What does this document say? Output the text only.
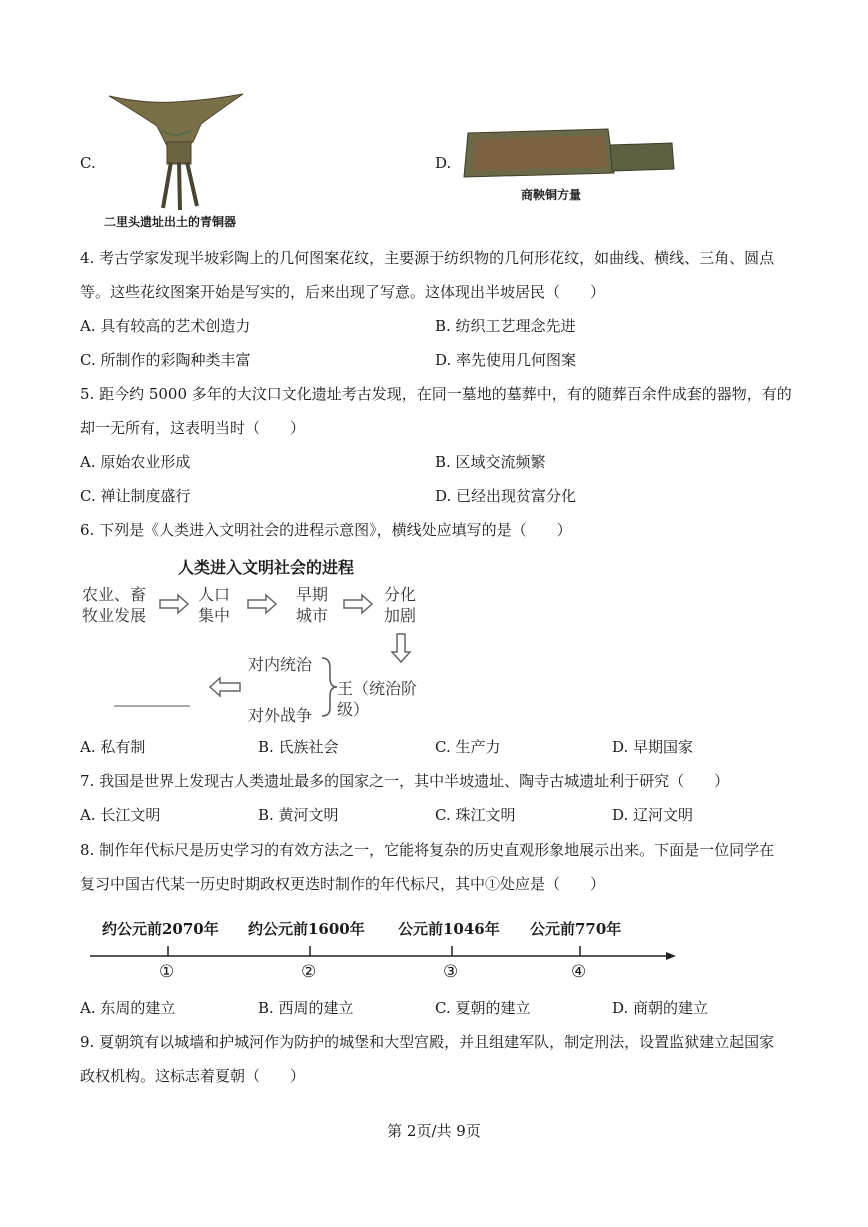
C.
二里头遗址出土的青铜器
D.
商鞅铜方量
4. 考古学家发现半坡彩陶上的几何图案花纹，主要源于纺织物的几何形花纹，如曲线、横线、三角、圆点
等。这些花纹图案开始是写实的，后来出现了写意。这体现出半坡居民（　　）
A. 具有较高的艺术创造力	B. 纺织工艺理念先进
C. 所制作的彩陶种类丰富	D. 率先使用几何图案
5. 距今约 5000 多年的大汶口文化遗址考古发现，在同一墓地的墓葬中，有的随葬百余件成套的器物，有的
却一无所有，这表明当时（　　）
A. 原始农业形成	B. 区域交流频繁
C. 禅让制度盛行	D. 已经出现贫富分化
6. 下列是《人类进入文明社会的进程示意图》，横线处应填写的是（　　）
人类进入文明社会的进程
农业、畜
牧业发展
人口
集中
早期
城市
分化
加剧
对内统治
对外战争
王（统治阶级）
A. 私有制	B. 氏族社会	C. 生产力	D. 早期国家
7. 我国是世界上发现古人类遗址最多的国家之一，其中半坡遗址、陶寺古城遗址利于研究（　　）
A. 长江文明	B. 黄河文明	C. 珠江文明	D. 辽河文明
8. 制作年代标尺是历史学习的有效方法之一，它能将复杂的历史直观形象地展示出来。下面是一位同学在
复习中国古代某一历史时期政权更迭时制作的年代标尺，其中①处应是（　　）
约公元前2070年 约公元前1600年 公元前1046年 公元前770年
①	②	③	④
A. 东周的建立	B. 西周的建立	C. 夏朝的建立	D. 商朝的建立
9. 夏朝筑有以城墙和护城河作为防护的城堡和大型宫殿，并且组建军队，制定刑法，设置监狱建立起国家
政权机构。这标志着夏朝（　　）
第 2页/共 9页
